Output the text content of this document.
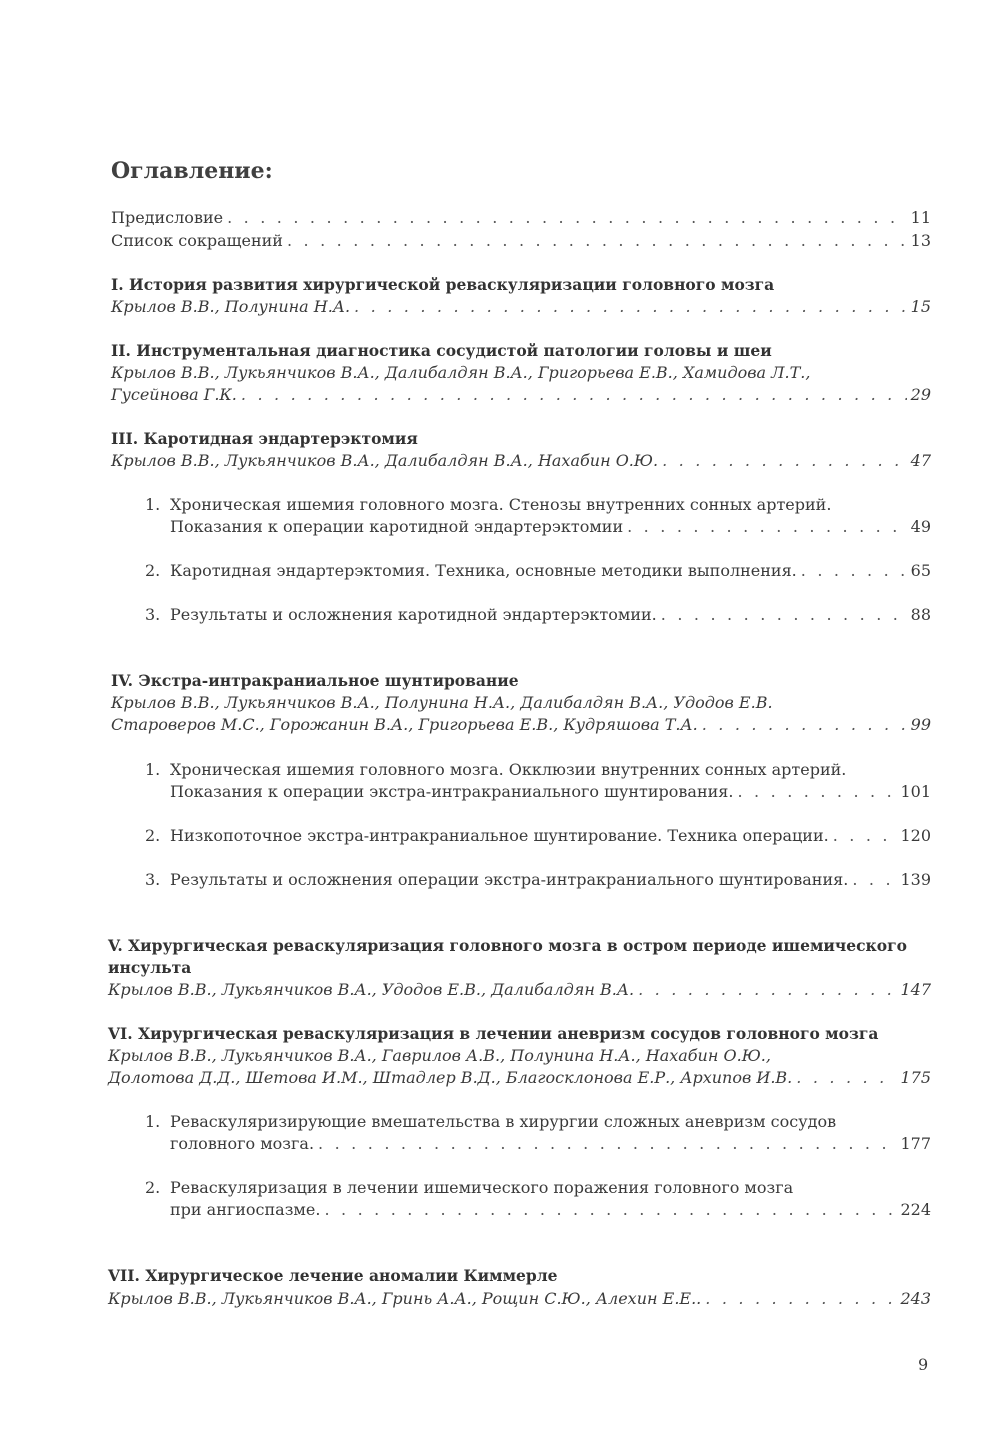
Оглавление:
Предисловие . . .	11
Список сокращений . . .	13
I. История развития хирургической реваскуляризации головного мозга
Крылов В.В., Полунина Н.А. . . .	15
II. Инструментальная диагностика сосудистой патологии головы и шеи
Крылов В.В., Лукьянчиков В.А., Далибалдян В.А., Григорьева Е.В., Хамидова Л.Т.,
Гусейнова Г.К. . . .	29
III. Каротидная эндартерэктомия
Крылов В.В., Лукьянчиков В.А., Далибалдян В.А., Нахабин О.Ю. . . .	47
1. Хроническая ишемия головного мозга. Стенозы внутренних сонных артерий.
Показания к операции каротидной эндартерэктомии . . .	49
2. Каротидная эндартерэктомия. Техника, основные методики выполнения. . . .	65
3. Результаты и осложнения каротидной эндартерэктомии. . . .	88
IV. Экстра-интракраниальное шунтирование
Крылов В.В., Лукьянчиков В.А., Полунина Н.А., Далибалдян В.А., Удодов Е.В.
Староверов М.С., Горожанин В.А., Григорьева Е.В., Кудряшова Т.А. . . .	99
1. Хроническая ишемия головного мозга. Окклюзии внутренних сонных артерий.
Показания к операции экстра-интракраниального шунтирования. . . .	101
2. Низкопоточное экстра-интракраниальное шунтирование. Техника операции. . . .	120
3. Результаты и осложнения операции экстра-интракраниального шунтирования. . . .	139
V. Хирургическая реваскуляризация головного мозга в остром периоде ишемического
инсульта
Крылов В.В., Лукьянчиков В.А., Удодов Е.В., Далибалдян В.А. . . .	147
VI. Хирургическая реваскуляризация в лечении аневризм сосудов головного мозга
Крылов В.В., Лукьянчиков В.А., Гаврилов А.В., Полунина Н.А., Нахабин О.Ю.,
Долотова Д.Д., Шетова И.М., Штадлер В.Д., Благосклонова Е.Р., Архипов И.В. . . .	175
1. Реваскуляризирующие вмешательства в хирургии сложных аневризм сосудов
головного мозга. . . .	177
2. Реваскуляризация в лечении ишемического поражения головного мозга
при ангиоспазме. . . .	224
VII. Хирургическое лечение аномалии Киммерле
Крылов В.В., Лукьянчиков В.А., Гринь А.А., Рощин С.Ю., Алехин Е.Е.. . . .	243
9
